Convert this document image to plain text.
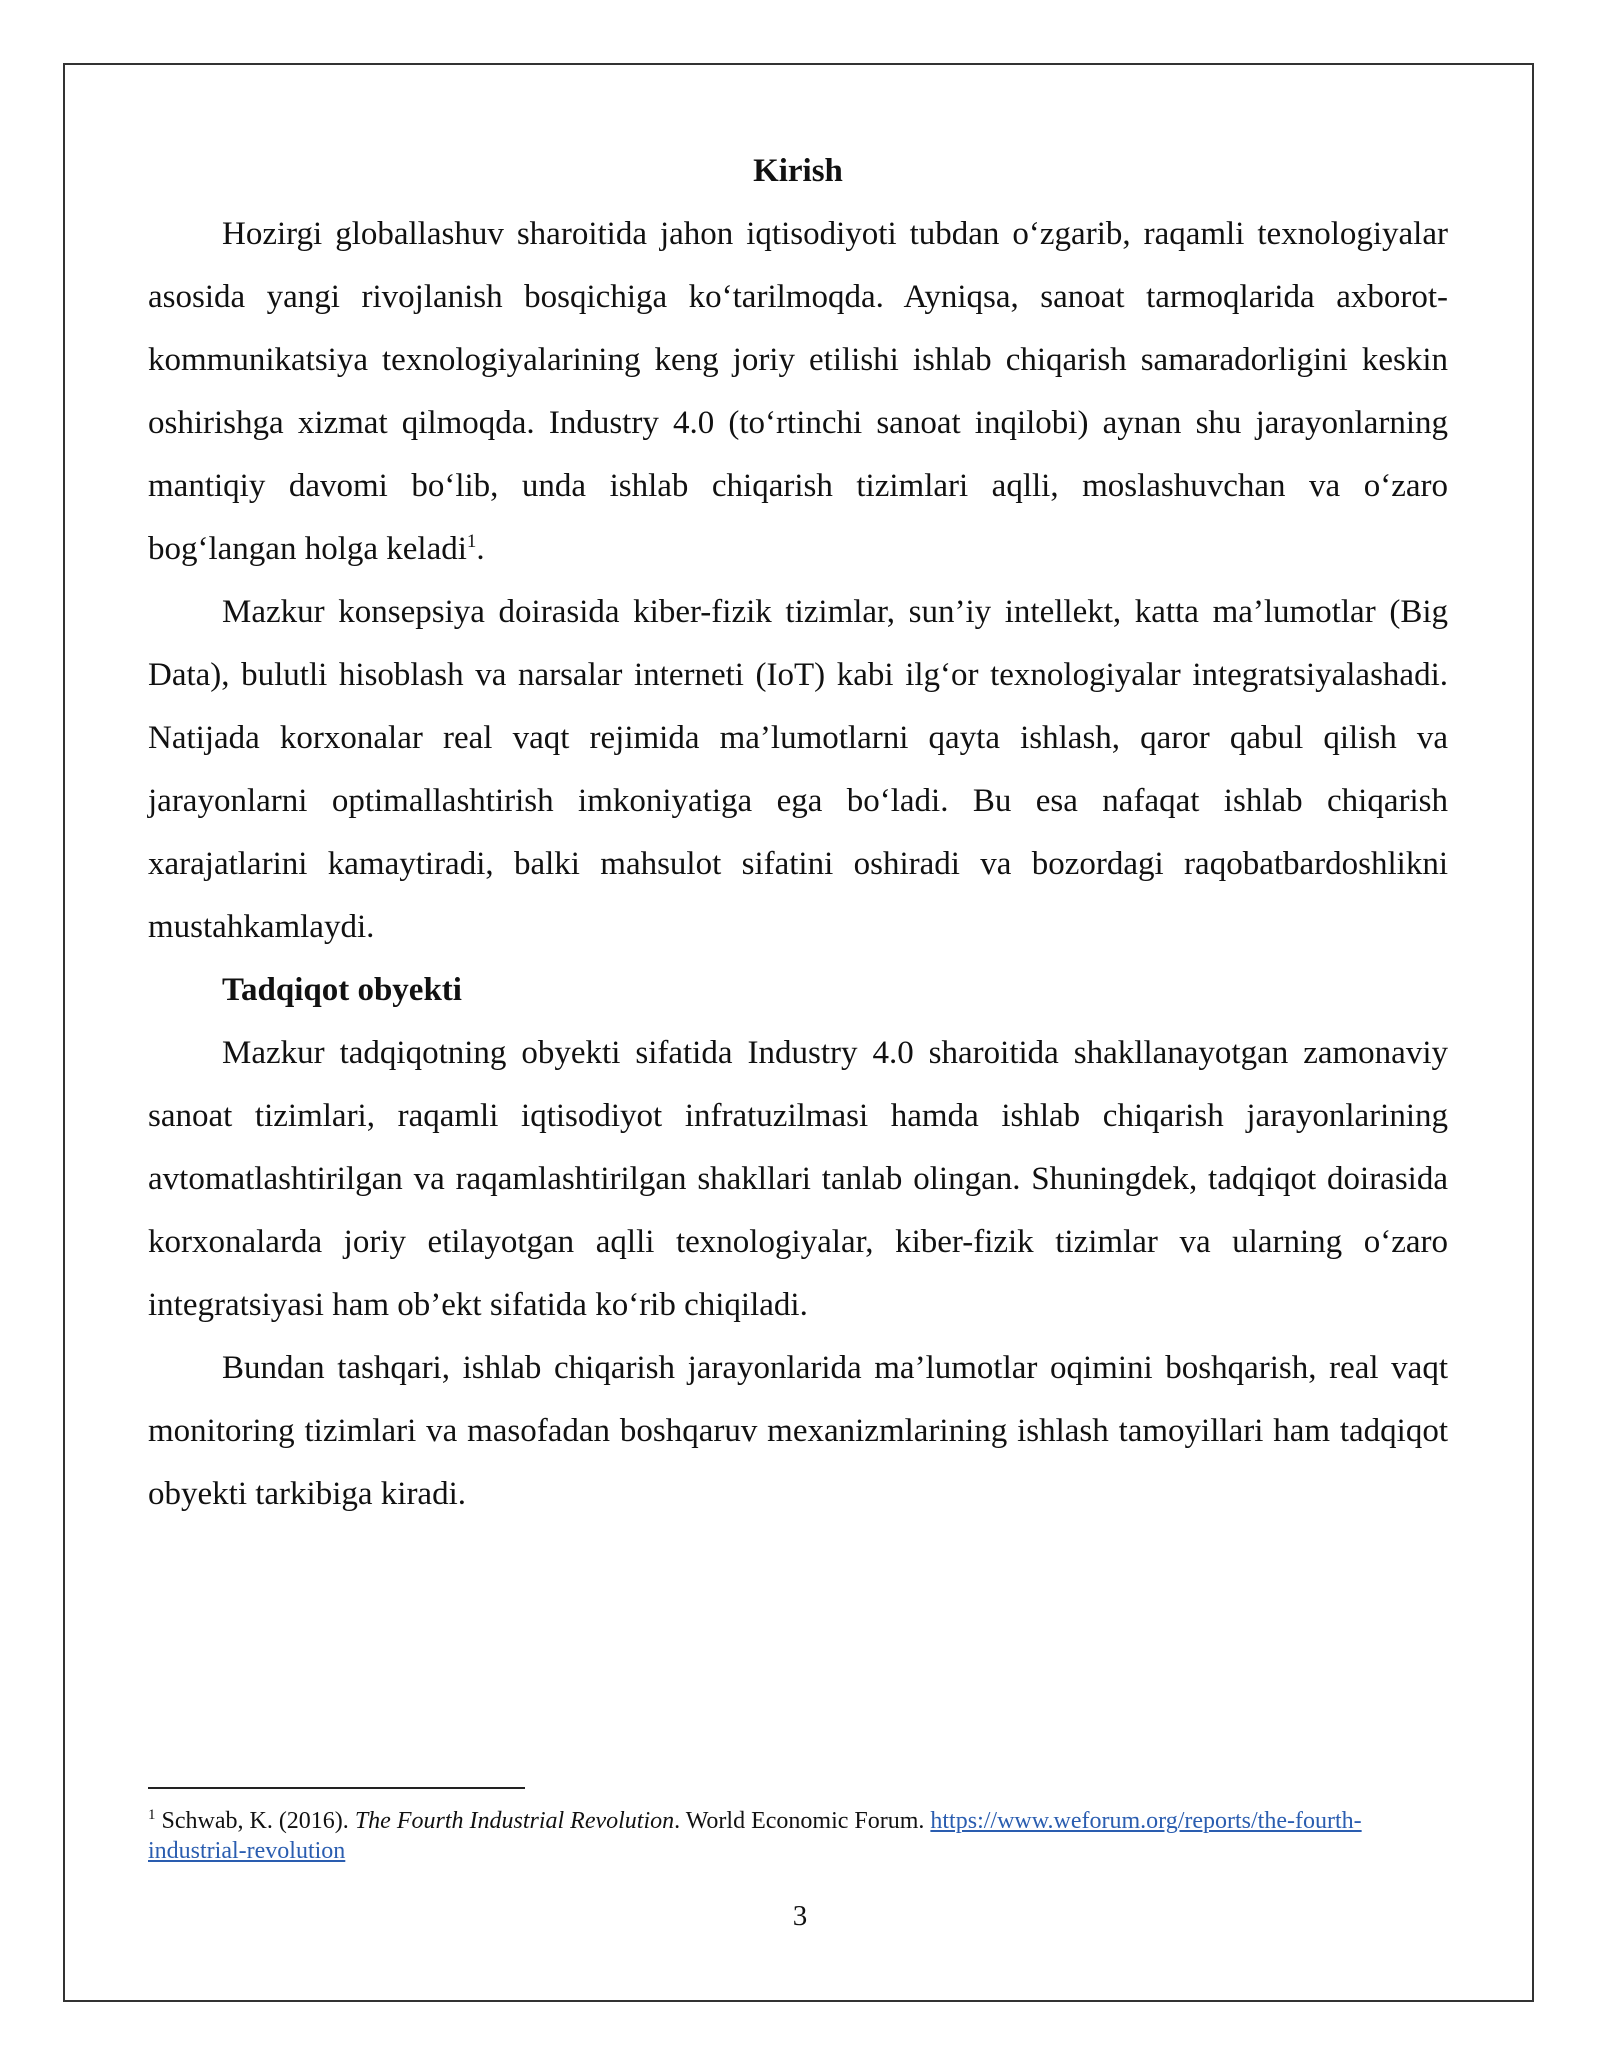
Kirish

Hozirgi globallashuv sharoitida jahon iqtisodiyoti tubdan o‘zgarib, raqamli texnologiyalar asosida yangi rivojlanish bosqichiga ko‘tarilmoqda. Ayniqsa, sanoat tarmoqlarida axborot-kommunikatsiya texnologiyalarining keng joriy etilishi ishlab chiqarish samaradorligini keskin oshirishga xizmat qilmoqda. Industry 4.0 (to‘rtinchi sanoat inqilobi) aynan shu jarayonlarning mantiqiy davomi bo‘lib, unda ishlab chiqarish tizimlari aqlli, moslashuvchan va o‘zaro bog‘langan holga keladi$^1$.

Mazkur konsepsiya doirasida kiber-fizik tizimlar, sun’iy intellekt, katta ma’lumotlar (Big Data), bulutli hisoblash va narsalar interneti (IoT) kabi ilg‘or texnologiyalar integratsiyalashadi. Natijada korxonalar real vaqt rejimida ma’lumotlarni qayta ishlash, qaror qabul qilish va jarayonlarni optimallashtirish imkoniyatiga ega bo‘ladi. Bu esa nafaqat ishlab chiqarish xarajatlarini kamaytiradi, balki mahsulot sifatini oshiradi va bozordagi raqobatbardoshlikni mustahkamlaydi.

Tadqiqot obyekti

Mazkur tadqiqotning obyekti sifatida Industry 4.0 sharoitida shakllanayotgan zamonaviy sanoat tizimlari, raqamli iqtisodiyot infratuzilmasi hamda ishlab chiqarish jarayonlarining avtomatlashtirilgan va raqamlashtirilgan shakllari tanlab olingan. Shuningdek, tadqiqot doirasida korxonalarda joriy etilayotgan aqlli texnologiyalar, kiber-fizik tizimlar va ularning o‘zaro integratsiyasi ham ob’ekt sifatida ko‘rib chiqiladi.

Bundan tashqari, ishlab chiqarish jarayonlarida ma’lumotlar oqimini boshqarish, real vaqt monitoring tizimlari va masofadan boshqaruv mexanizmlarining ishlash tamoyillari ham tadqiqot obyekti tarkibiga kiradi.

$^1$ Schwab, K. (2016). The Fourth Industrial Revolution. World Economic Forum. https://www.weforum.org/reports/the-fourth-industrial-revolution

3
